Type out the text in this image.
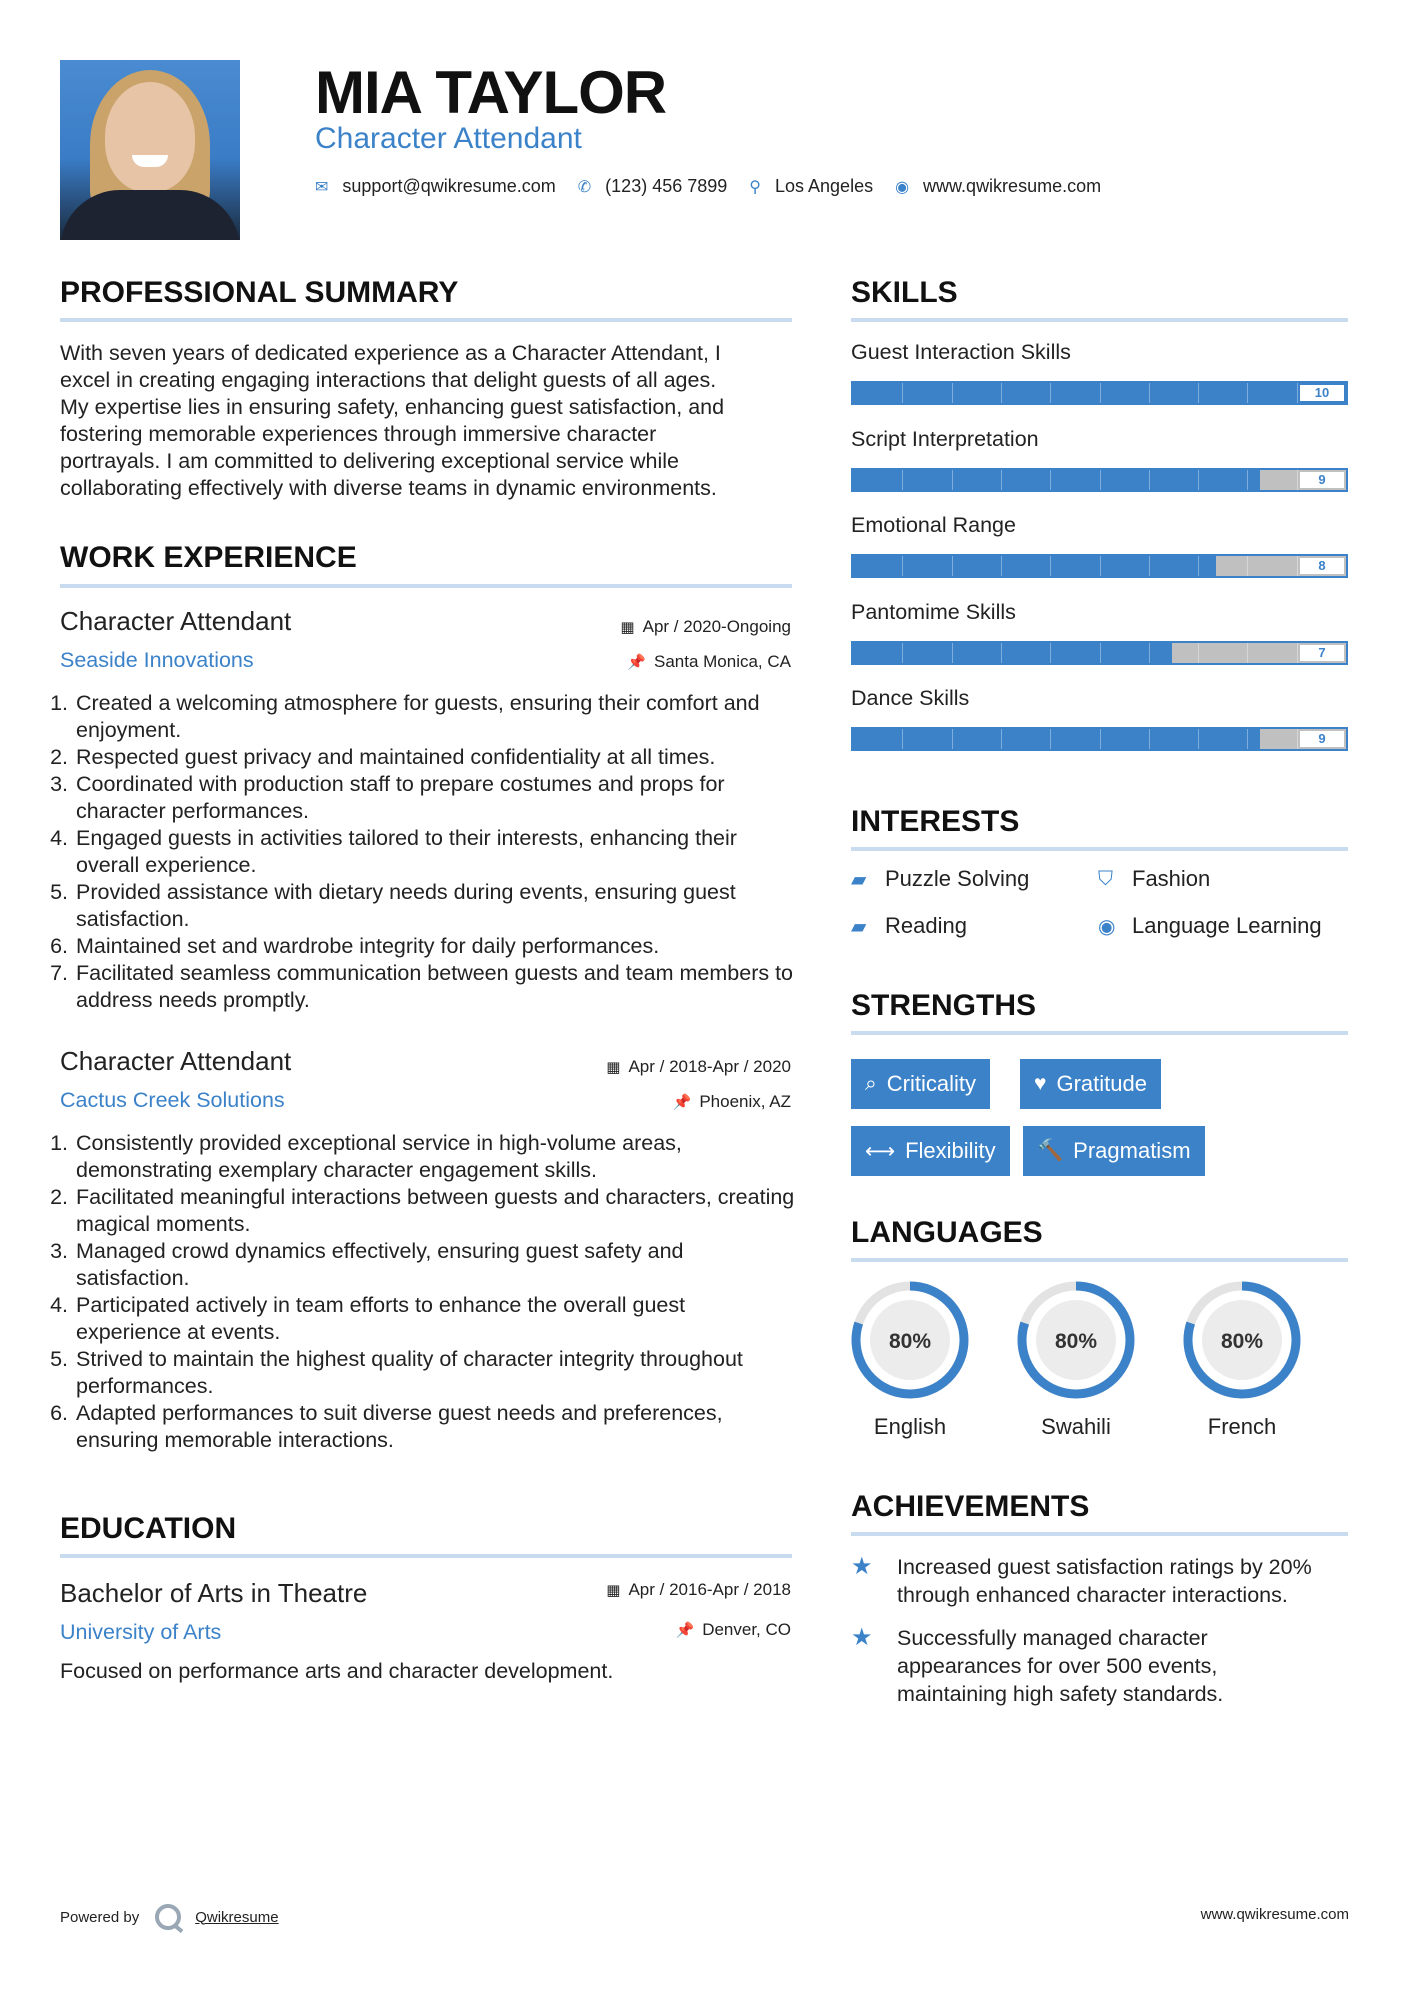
MIA TAYLOR
Character Attendant
✉ support@qwikresume.com ✆ (123) 456 7899 ⚲ Los Angeles ◉ www.qwikresume.com
PROFESSIONAL SUMMARY
With seven years of dedicated experience as a Character Attendant, I
excel in creating engaging interactions that delight guests of all ages.
My expertise lies in ensuring safety, enhancing guest satisfaction, and
fostering memorable experiences through immersive character
portrayals. I am committed to delivering exceptional service while
collaborating effectively with diverse teams in dynamic environments.
WORK EXPERIENCE
Character Attendant
Seaside Innovations
▦ Apr / 2020-Ongoing
📌 Santa Monica, CA
1. Created a welcoming atmosphere for guests, ensuring their comfort and enjoyment.
2. Respected guest privacy and maintained confidentiality at all times.
3. Coordinated with production staff to prepare costumes and props for character performances.
4. Engaged guests in activities tailored to their interests, enhancing their overall experience.
5. Provided assistance with dietary needs during events, ensuring guest satisfaction.
6. Maintained set and wardrobe integrity for daily performances.
7. Facilitated seamless communication between guests and team members to address needs promptly.
Character Attendant
Cactus Creek Solutions
▦ Apr / 2018-Apr / 2020
📌 Phoenix, AZ
1. Consistently provided exceptional service in high-volume areas, demonstrating exemplary character engagement skills.
2. Facilitated meaningful interactions between guests and characters, creating magical moments.
3. Managed crowd dynamics effectively, ensuring guest safety and satisfaction.
4. Participated actively in team efforts to enhance the overall guest experience at events.
5. Strived to maintain the highest quality of character integrity throughout performances.
6. Adapted performances to suit diverse guest needs and preferences, ensuring memorable interactions.
EDUCATION
Bachelor of Arts in Theatre
University of Arts
▦ Apr / 2016-Apr / 2018
📌 Denver, CO
Focused on performance arts and character development.
SKILLS
Guest Interaction Skills
10
Script Interpretation
9
Emotional Range
8
Pantomime Skills
7
Dance Skills
9
INTERESTS
▰ Puzzle Solving	⛉ Fashion
▰ Reading	◉ Language Learning
STRENGTHS
⌕ Criticality	♥ Gratitude
⟷ Flexibility 🔨 Pragmatism
LANGUAGES
80%
English
80%
Swahili
80%
French
ACHIEVEMENTS
★	Increased guest satisfaction ratings by 20% through enhanced character interactions.
★	Successfully managed character appearances for over 500 events, maintaining high safety standards.
Powered by	Qwikresume	www.qwikresume.com
